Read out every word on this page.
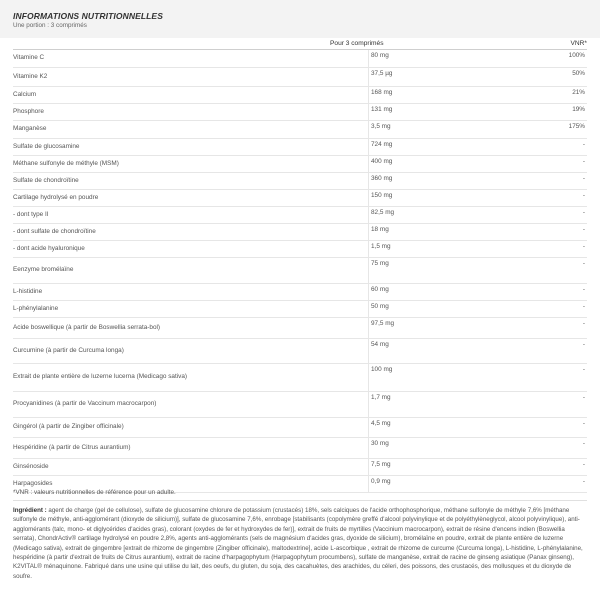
INFORMATIONS NUTRITIONNELLES
Une portion : 3 comprimés
Pour 3 comprimés	VNR*
Vitamine C	80 mg	100%
Vitamine K2	37,5 µg	50%
Calcium	168 mg	21%
Phosphore	131 mg	19%
Manganèse	3,5 mg	175%
Sulfate de glucosamine	724 mg	-
Méthane sulfonyle de méthyle (MSM)	400 mg	-
Sulfate de chondroïtine	360 mg	-
Cartilage hydrolysé en poudre	150 mg	-
- dont type II	82,5 mg	-
- dont sulfate de chondroïtine	18 mg	-
- dont acide hyaluronique	1,5 mg	-
Eenzyme bromélaïne	75 mg	-
L-histidine	60 mg	-
L-phénylalanine	50 mg	-
Acide boswellique (à partir de Boswellia serrata-bol)	97,5 mg	-
Curcumine (à partir de Curcuma longa)	54 mg	-
Extrait de plante entière de luzerne lucerna (Medicago sativa)	100 mg	-
Procyanidines (à partir de Vaccinum macrocarpon)	1,7 mg	-
Gingérol (à partir de Zingiber officinale)	4,5 mg	-
Hespéridine (à partir de Citrus aurantium)	30 mg	-
Ginsénoside	7,5 mg	-
Harpagosides	0,9 mg	-
*VNR : valeurs nutritionnelles de référence pour un adulte.
Ingrédient : agent de charge (gel de cellulose), sulfate de glucosamine chlorure de potassium (crustacés) 18%, sels calciques de l'acide orthophosphorique, méthane sulfonyle de méthyle 7,6% [méthane sulfonyle de méthyle, anti-agglomérant (dioxyde de silicium)], sulfate de glucosamine 7,6%, enrobage [stabilisants (copolymère greffé d'alcool polyvinylique et de polyéthylèneglycol, alcool polyvinylique), anti-agglomérants (talc, mono- et diglycérides d'acides gras), colorant (oxydes de fer et hydroxydes de fer)], extrait de fruits de myrtilles (Vaccinium macrocarpon), extrait de résine d'encens indien (Boswellia serrata), ChondrActiv® cartilage hydrolysé en poudre 2,8%, agents anti-agglomérants (sels de magnésium d'acides gras, dyoxide de silicium), bromélaïne en poudre, extrait de plante entière de luzerne (Medicago sativa), extrait de gingembre [extrait de rhizome de gingembre (Zingiber officinale), maltodextrine], acide L-ascorbique , extrait de rhizome de curcume (Curcuma longa), L-histidine, L-phénylalanine, hespéridine (à partir d'extrait de fruits de Citrus aurantium), extrait de racine d'harpagophytum (Harpagophytum procumbens), sulfate de manganèse, extrait de racine de ginseng asiatique (Panax ginseng), K2VITAL® ménaquinone. Fabriqué dans une usine qui utilise du lait, des oeufs, du gluten, du soja, des cacahuètes, des arachides, du céleri, des poissons, des crustacés, des mollusques et du dioxyde de soufre.
